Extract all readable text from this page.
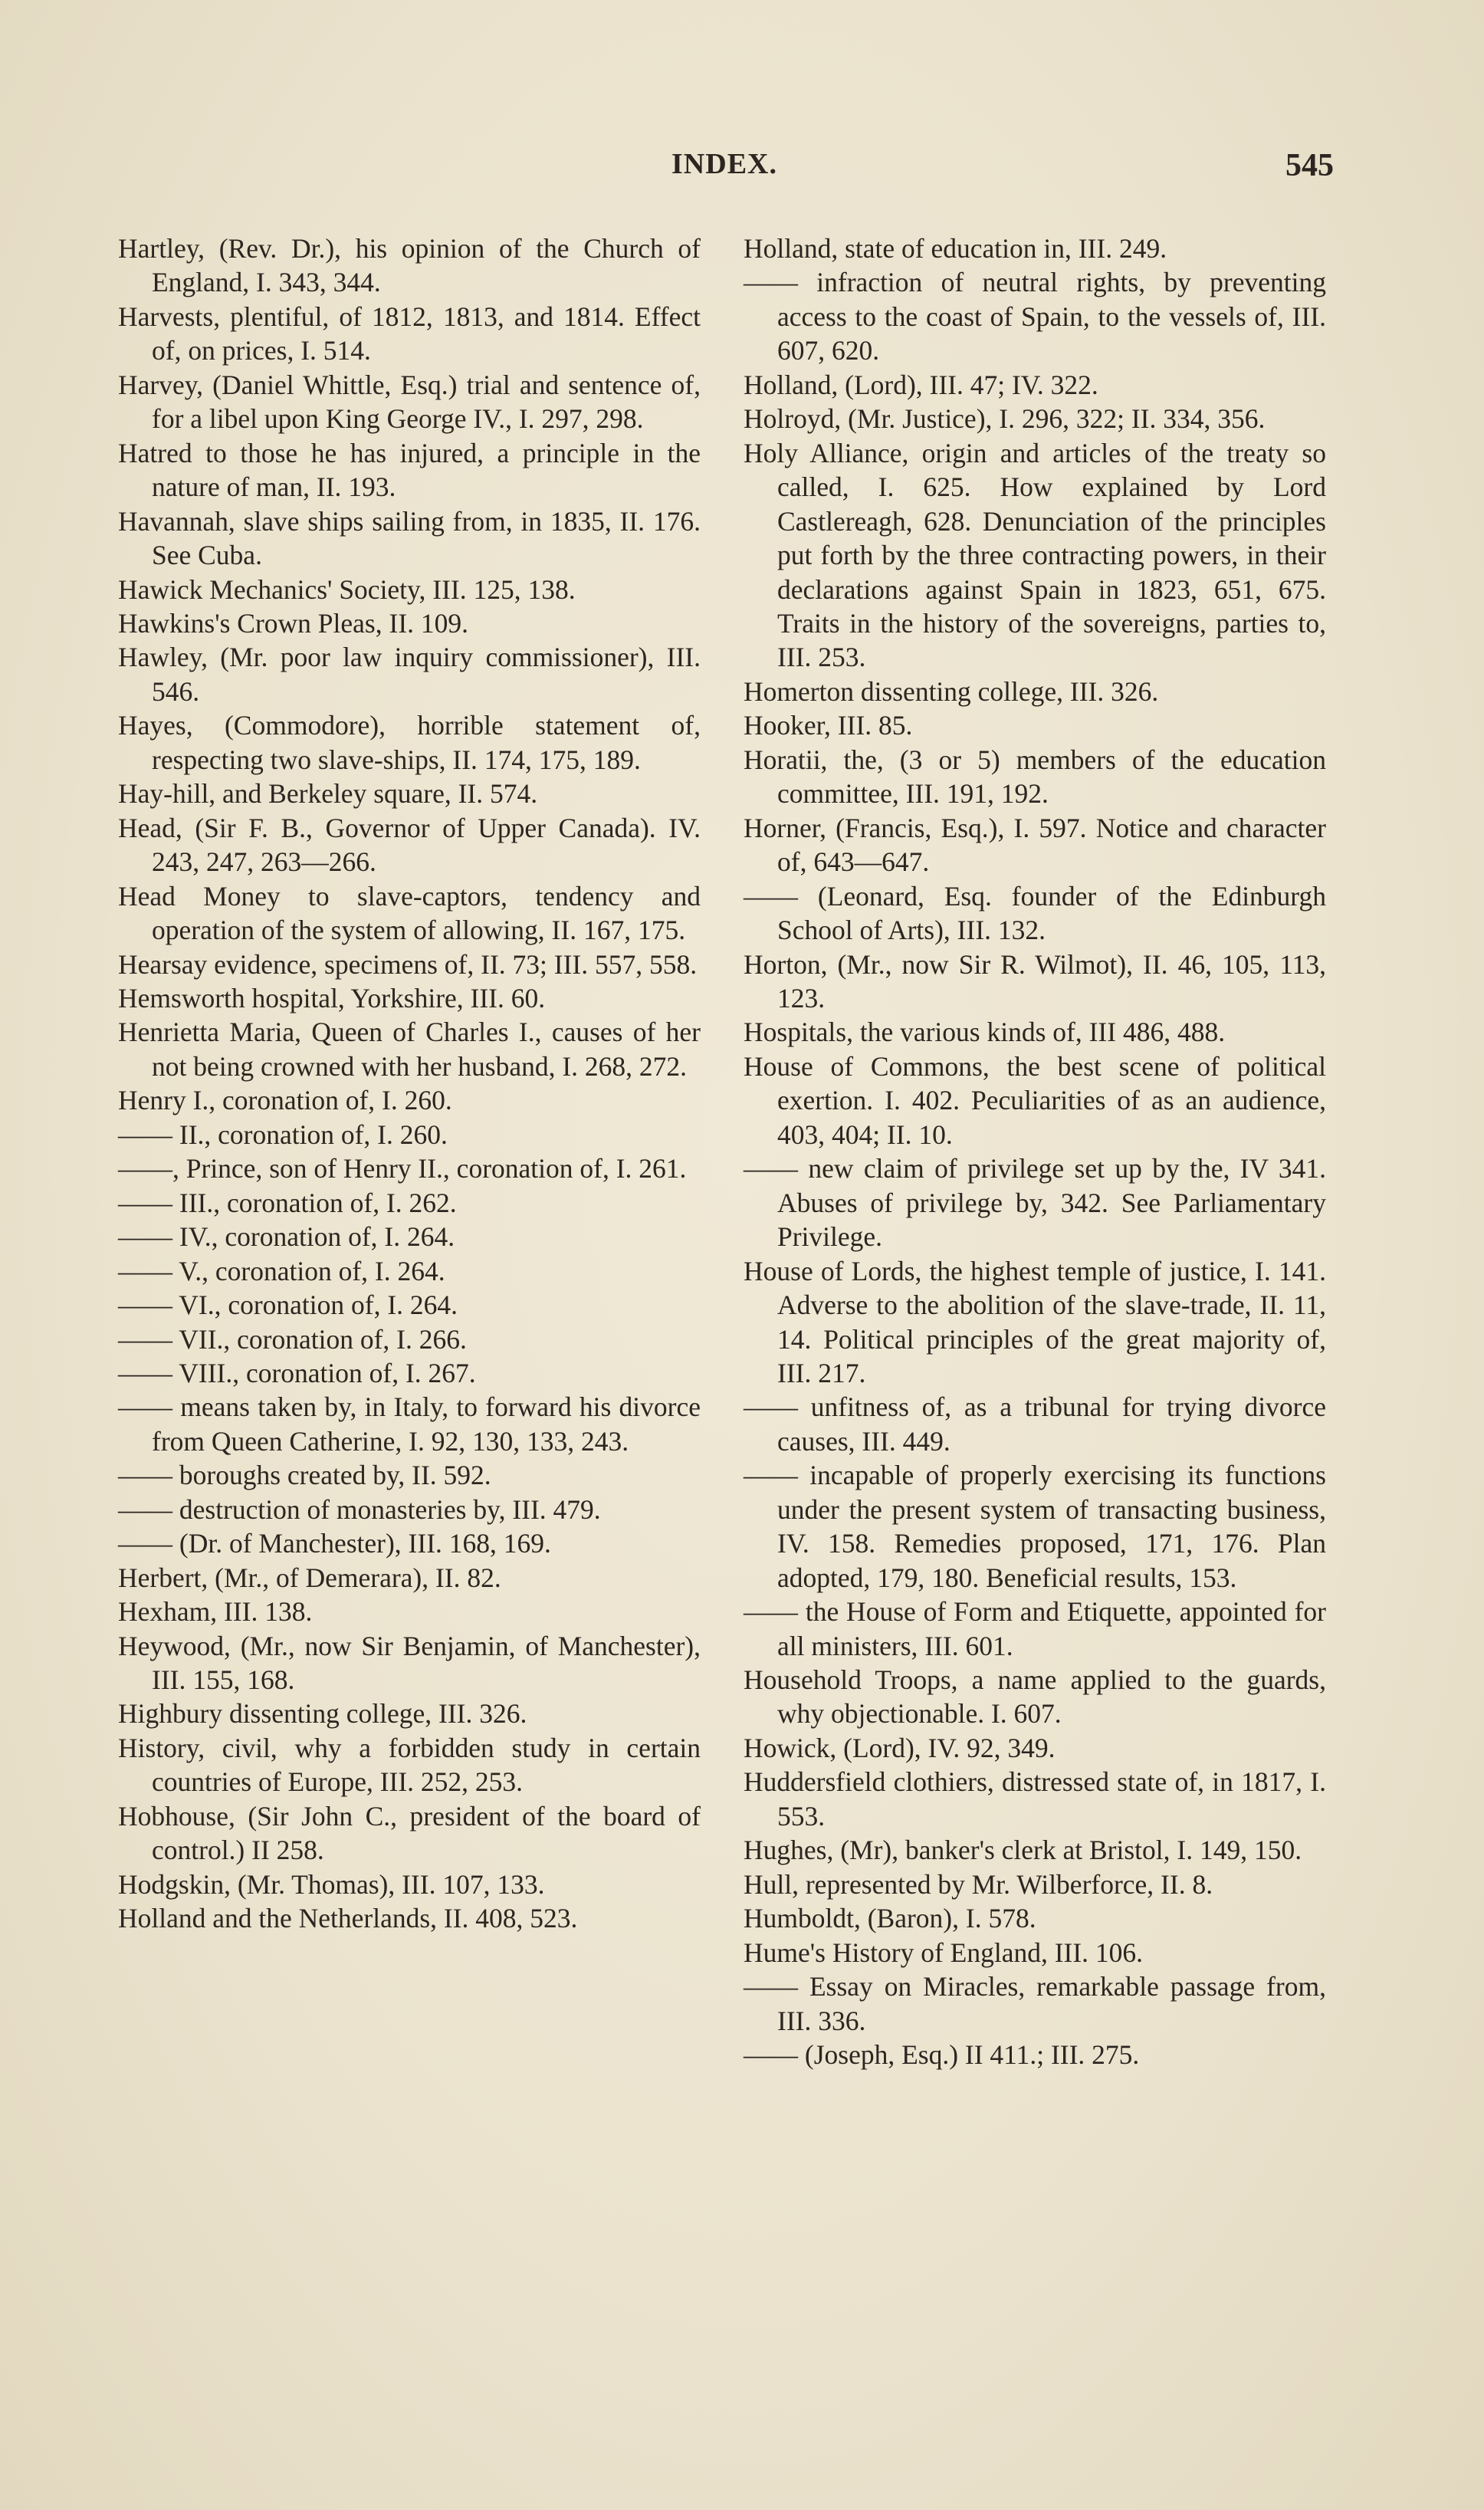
INDEX.	545

Hartley, (Rev. Dr.), his opinion of the Church of England, I. 343, 344.

Harvests, plentiful, of 1812, 1813, and 1814. Effect of, on prices, I. 514.

Harvey, (Daniel Whittle, Esq.) trial and sentence of, for a libel upon King George IV., I. 297, 298.

Hatred to those he has injured, a principle in the nature of man, II. 193.

Havannah, slave ships sailing from, in 1835, II. 176. See Cuba.

Hawick Mechanics' Society, III. 125, 138.

Hawkins's Crown Pleas, II. 109.

Hawley, (Mr. poor law inquiry commissioner), III. 546.

Hayes, (Commodore), horrible statement of, respecting two slave-ships, II. 174, 175, 189.

Hay-hill, and Berkeley square, II. 574.

Head, (Sir F. B., Governor of Upper Canada). IV. 243, 247, 263—266.

Head Money to slave-captors, tendency and operation of the system of allowing, II. 167, 175.

Hearsay evidence, specimens of, II. 73; III. 557, 558.

Hemsworth hospital, Yorkshire, III. 60.

Henrietta Maria, Queen of Charles I., causes of her not being crowned with her husband, I. 268, 272.

Henry I., coronation of, I. 260.

—— II., coronation of, I. 260.

——, Prince, son of Henry II., coronation of, I. 261.

—— III., coronation of, I. 262.

—— IV., coronation of, I. 264.

—— V., coronation of, I. 264.

—— VI., coronation of, I. 264.

—— VII., coronation of, I. 266.

—— VIII., coronation of, I. 267.

—— means taken by, in Italy, to forward his divorce from Queen Catherine, I. 92, 130, 133, 243.

—— boroughs created by, II. 592.

—— destruction of monasteries by, III. 479.

—— (Dr. of Manchester), III. 168, 169.

Herbert, (Mr., of Demerara), II. 82.

Hexham, III. 138.

Heywood, (Mr., now Sir Benjamin, of Manchester), III. 155, 168.

Highbury dissenting college, III. 326.

History, civil, why a forbidden study in certain countries of Europe, III. 252, 253.

Hobhouse, (Sir John C., president of the board of control.) II 258.

Hodgskin, (Mr. Thomas), III. 107, 133.

Holland and the Netherlands, II. 408, 523.

Holland, state of education in, III. 249.

—— infraction of neutral rights, by preventing access to the coast of Spain, to the vessels of, III. 607, 620.

Holland, (Lord), III. 47; IV. 322.

Holroyd, (Mr. Justice), I. 296, 322; II. 334, 356.

Holy Alliance, origin and articles of the treaty so called, I. 625. How explained by Lord Castlereagh, 628. Denunciation of the principles put forth by the three contracting powers, in their declarations against Spain in 1823, 651, 675. Traits in the history of the sovereigns, parties to, III. 253.

Homerton dissenting college, III. 326.

Hooker, III. 85.

Horatii, the, (3 or 5) members of the education committee, III. 191, 192.

Horner, (Francis, Esq.), I. 597. Notice and character of, 643—647.

—— (Leonard, Esq. founder of the Edinburgh School of Arts), III. 132.

Horton, (Mr., now Sir R. Wilmot), II. 46, 105, 113, 123.

Hospitals, the various kinds of, III 486, 488.

House of Commons, the best scene of political exertion. I. 402. Peculiarities of as an audience, 403, 404; II. 10.

—— new claim of privilege set up by the, IV 341. Abuses of privilege by, 342. See Parliamentary Privilege.

House of Lords, the highest temple of justice, I. 141. Adverse to the abolition of the slave-trade, II. 11, 14. Political principles of the great majority of, III. 217.

—— unfitness of, as a tribunal for trying divorce causes, III. 449.

—— incapable of properly exercising its functions under the present system of transacting business, IV. 158. Remedies proposed, 171, 176. Plan adopted, 179, 180. Beneficial results, 153.

—— the House of Form and Etiquette, appointed for all ministers, III. 601.

Household Troops, a name applied to the guards, why objectionable. I. 607.

Howick, (Lord), IV. 92, 349.

Huddersfield clothiers, distressed state of, in 1817, I. 553.

Hughes, (Mr), banker's clerk at Bristol, I. 149, 150.

Hull, represented by Mr. Wilberforce, II. 8.

Humboldt, (Baron), I. 578.

Hume's History of England, III. 106.

—— Essay on Miracles, remarkable passage from, III. 336.

—— (Joseph, Esq.) II 411.; III. 275.
